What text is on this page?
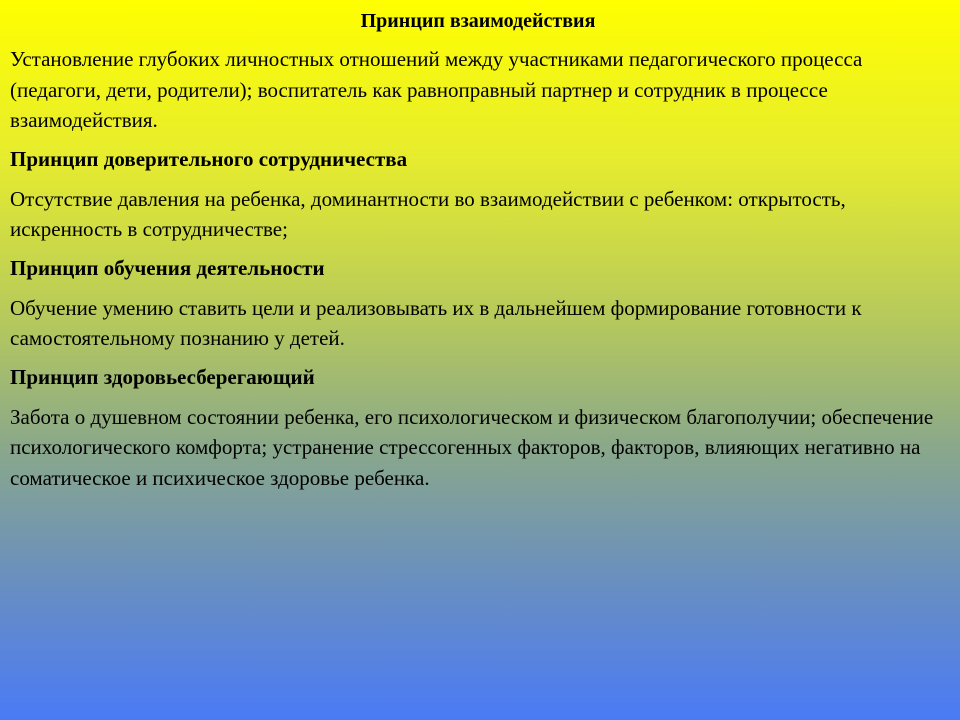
Принцип взаимодействия
Установление глубоких личностных отношений между участниками педагогического процесса (педагоги, дети, родители); воспитатель как равноправный партнер и сотрудник в процессе взаимодействия.
Принцип доверительного сотрудничества
Отсутствие давления на ребенка, доминантности во взаимодействии с ребенком: открытость, искренность в сотрудничестве;
Принцип обучения деятельности
Обучение умению ставить цели и реализовывать их в дальнейшем формирование готовности к самостоятельному познанию у детей.
Принцип здоровьесберегающий
Забота о душевном состоянии ребенка, его психологическом и физическом благополучии; обеспечение психологического комфорта; устранение стрессогенных факторов, факторов, влияющих негативно на соматическое и психическое здоровье ребенка.
